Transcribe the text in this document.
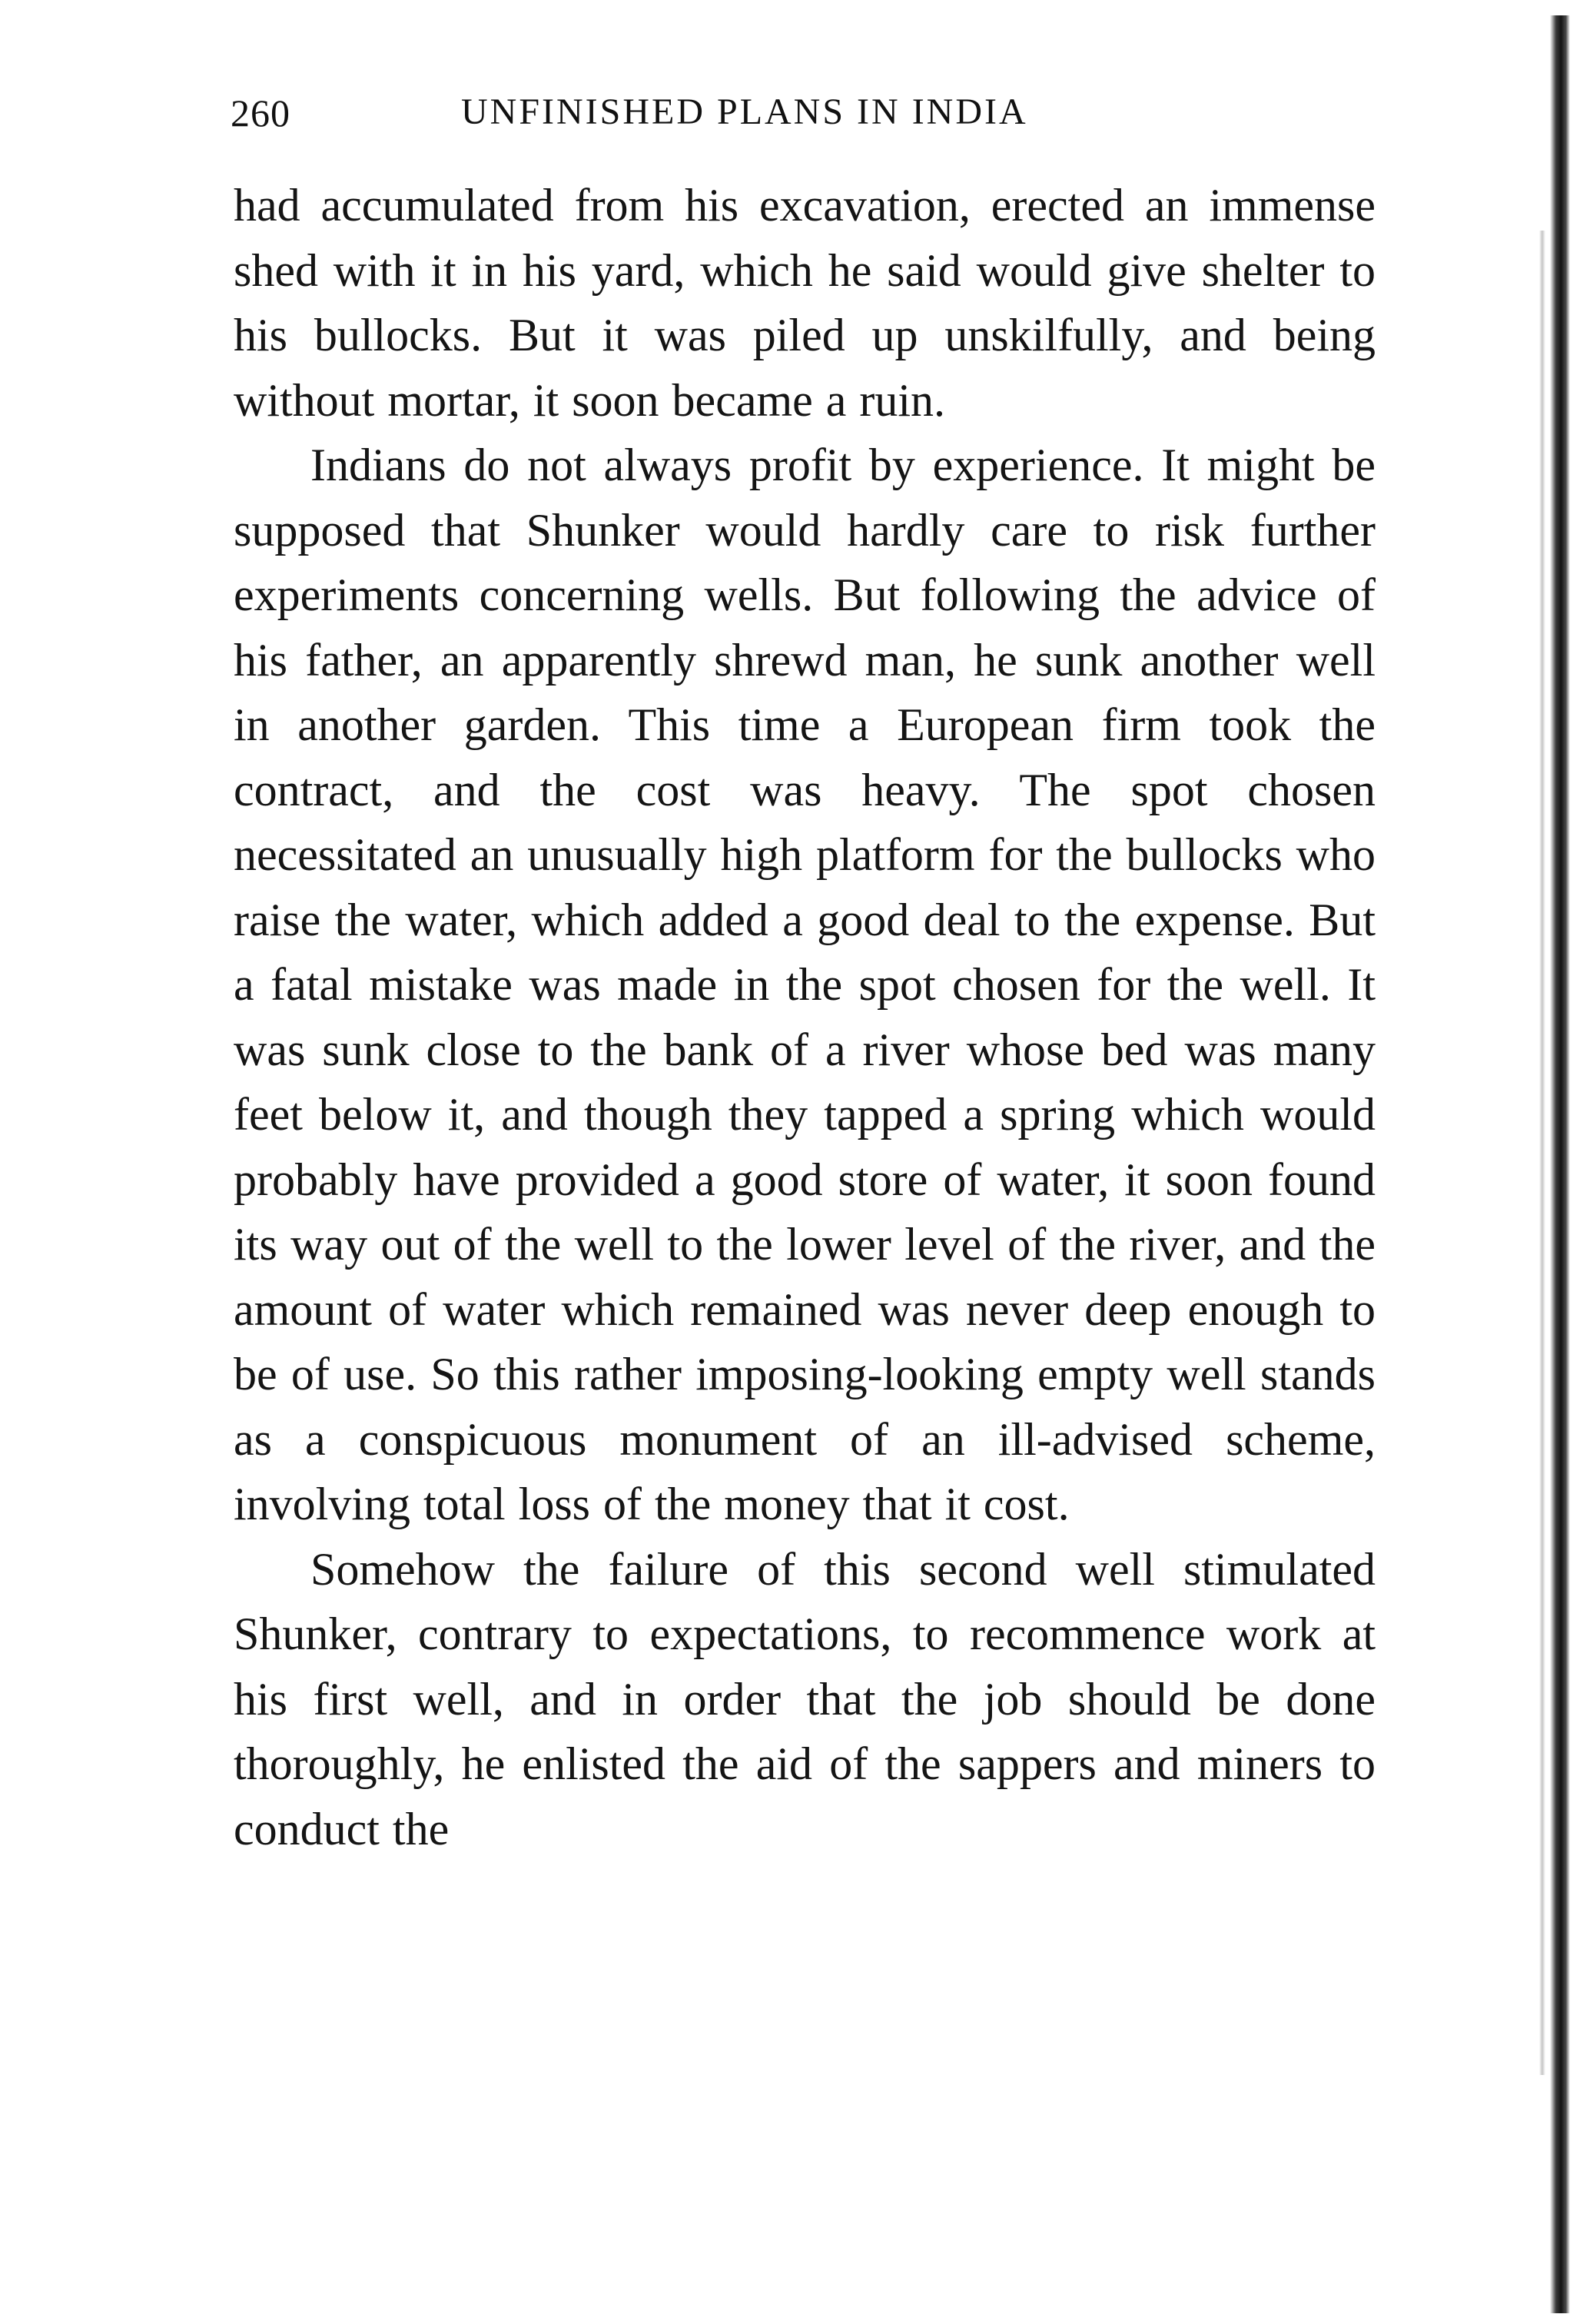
260	UNFINISHED PLANS IN INDIA

had accumulated from his excavation, erected an immense shed with it in his yard, which he said would give shelter to his bullocks. But it was piled up unskilfully, and being without mortar, it soon became a ruin.

Indians do not always profit by experience. It might be supposed that Shunker would hardly care to risk further experiments concerning wells. But following the advice of his father, an apparently shrewd man, he sunk another well in another garden. This time a European firm took the contract, and the cost was heavy. The spot chosen necessitated an unusually high platform for the bullocks who raise the water, which added a good deal to the expense. But a fatal mistake was made in the spot chosen for the well. It was sunk close to the bank of a river whose bed was many feet below it, and though they tapped a spring which would probably have provided a good store of water, it soon found its way out of the well to the lower level of the river, and the amount of water which remained was never deep enough to be of use. So this rather imposing-looking empty well stands as a conspicuous monument of an ill-advised scheme, involving total loss of the money that it cost.

Somehow the failure of this second well stimulated Shunker, contrary to expectations, to recommence work at his first well, and in order that the job should be done thoroughly, he enlisted the aid of the sappers and miners to conduct the
